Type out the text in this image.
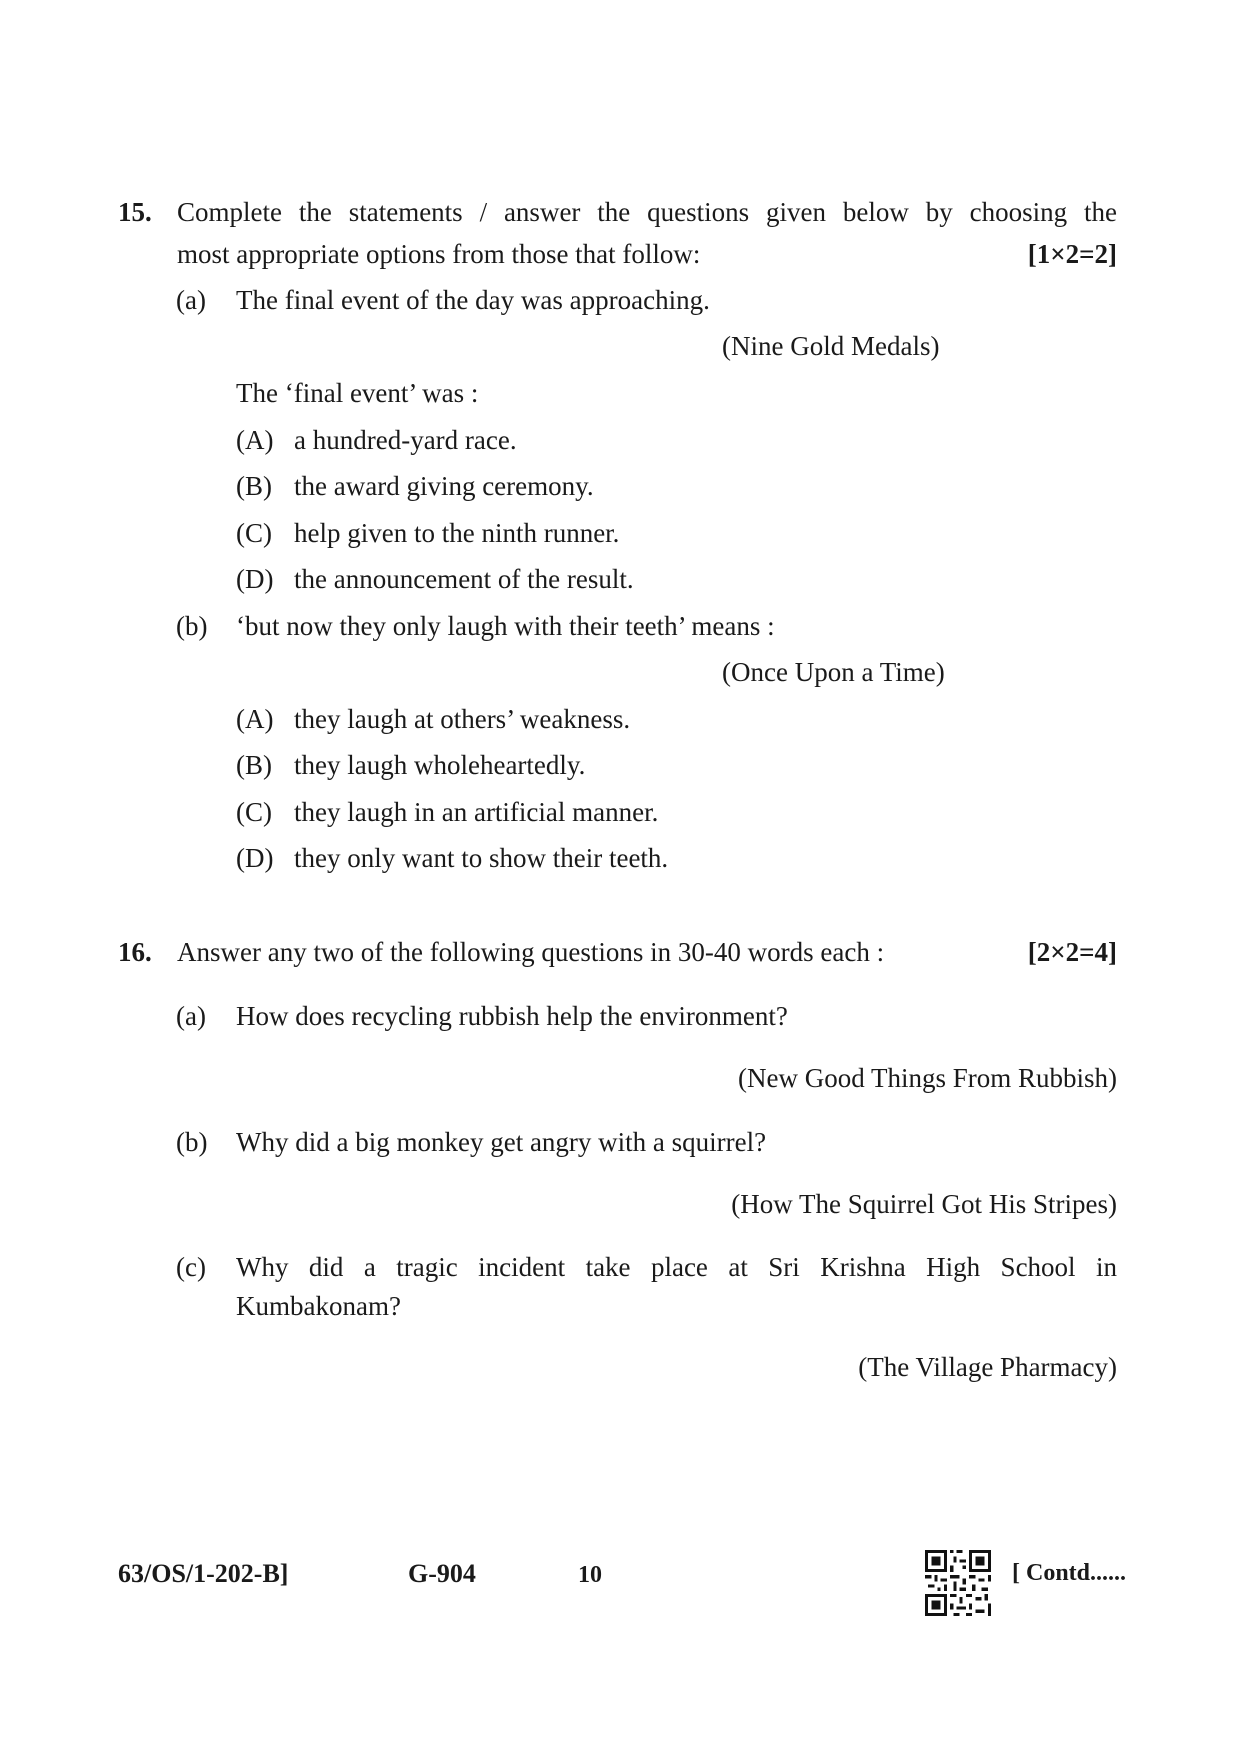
15. Complete the statements / answer the questions given below by choosing the
most appropriate options from those that follow:	[1×2=2]
(a) The final event of the day was approaching.
(Nine Gold Medals)
The ‘final event’ was :
(A) a hundred-yard race.
(B) the award giving ceremony.
(C) help given to the ninth runner.
(D) the announcement of the result.
(b) ‘but now they only laugh with their teeth’ means :
(Once Upon a Time)
(A) they laugh at others’ weakness.
(B) they laugh wholeheartedly.
(C) they laugh in an artificial manner.
(D) they only want to show their teeth.
16. Answer any two of the following questions in 30-40 words each :	[2×2=4]
(a) How does recycling rubbish help the environment?
(New Good Things From Rubbish)
(b) Why did a big monkey get angry with a squirrel?
(How The Squirrel Got His Stripes)
(c) Why did a tragic incident take place at Sri Krishna High School in
Kumbakonam?
(The Village Pharmacy)
63/OS/1-202-B]	G-904	10	[ Contd......
